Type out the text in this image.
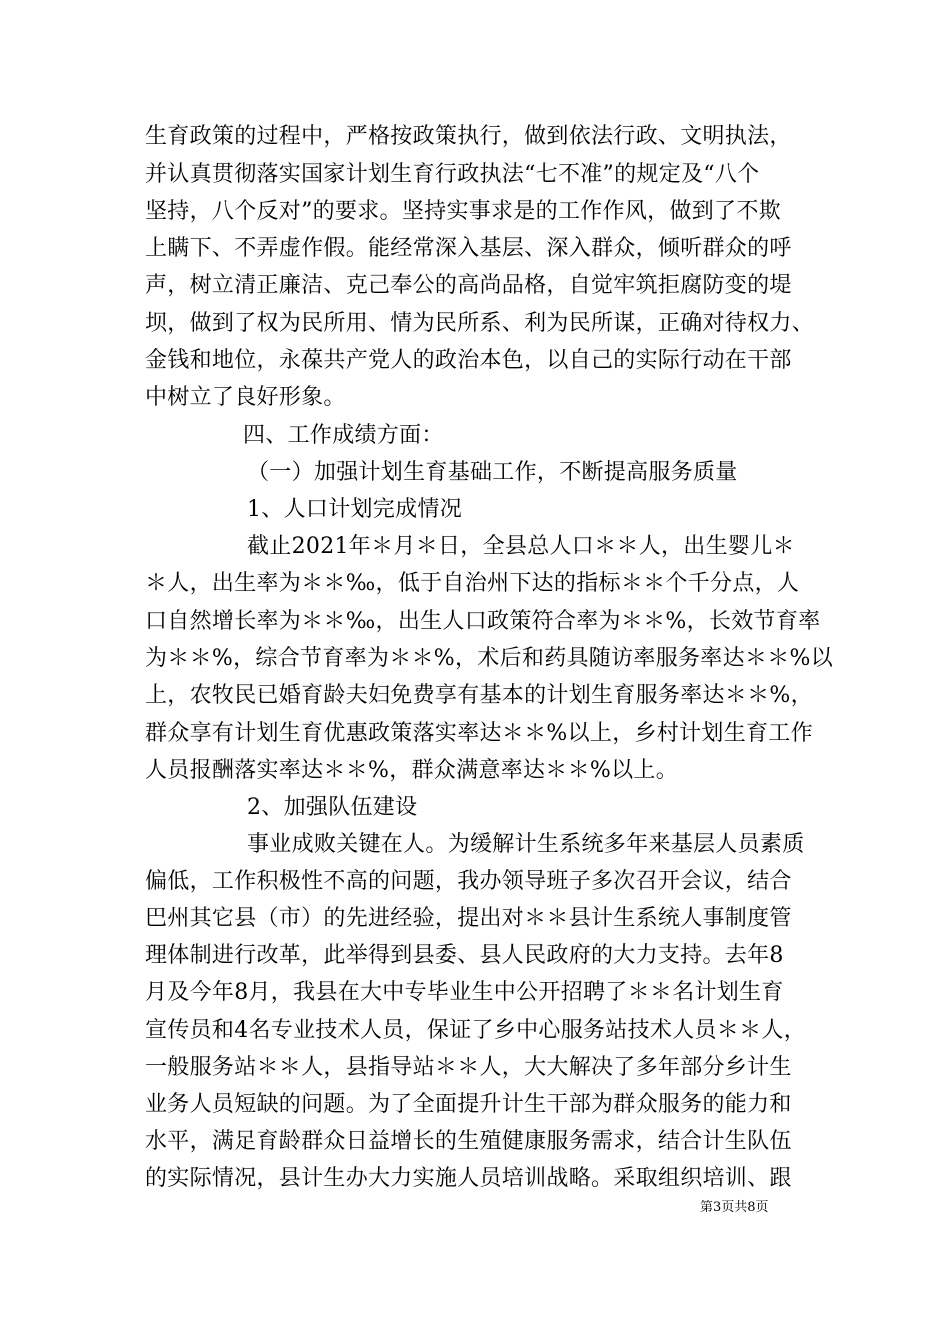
生育政策的过程中，严格按政策执行，做到依法行政、文明执法，
并认真贯彻落实国家计划生育行政执法“七不准”的规定及“八个
坚持，八个反对”的要求。坚持实事求是的工作作风，做到了不欺
上瞒下、不弄虚作假。能经常深入基层、深入群众，倾听群众的呼
声，树立清正廉洁、克己奉公的高尚品格，自觉牢筑拒腐防变的堤
坝，做到了权为民所用、情为民所系、利为民所谋，正确对待权力、
金钱和地位，永葆共产党人的政治本色，以自己的实际行动在干部
中树立了良好形象。
四、工作成绩方面：
（一）加强计划生育基础工作，不断提高服务质量
1、人口计划完成情况
截止2021年＊月＊日，全县总人口＊＊人，出生婴儿＊
＊人，出生率为＊＊‰，低于自治州下达的指标＊＊个千分点，人
口自然增长率为＊＊‰，出生人口政策符合率为＊＊%，长效节育率
为＊＊%，综合节育率为＊＊%，术后和药具随访率服务率达＊＊%以
上，农牧民已婚育龄夫妇免费享有基本的计划生育服务率达＊＊%，
群众享有计划生育优惠政策落实率达＊＊%以上，乡村计划生育工作
人员报酬落实率达＊＊%，群众满意率达＊＊%以上。
2、加强队伍建设
事业成败关键在人。为缓解计生系统多年来基层人员素质
偏低，工作积极性不高的问题，我办领导班子多次召开会议，结合
巴州其它县（市）的先进经验，提出对＊＊县计生系统人事制度管
理体制进行改革，此举得到县委、县人民政府的大力支持。去年8
月及今年8月，我县在大中专毕业生中公开招聘了＊＊名计划生育
宣传员和4名专业技术人员，保证了乡中心服务站技术人员＊＊人，
一般服务站＊＊人，县指导站＊＊人，大大解决了多年部分乡计生
业务人员短缺的问题。为了全面提升计生干部为群众服务的能力和
水平，满足育龄群众日益增长的生殖健康服务需求，结合计生队伍
的实际情况，县计生办大力实施人员培训战略。采取组织培训、跟
第3页共8页
